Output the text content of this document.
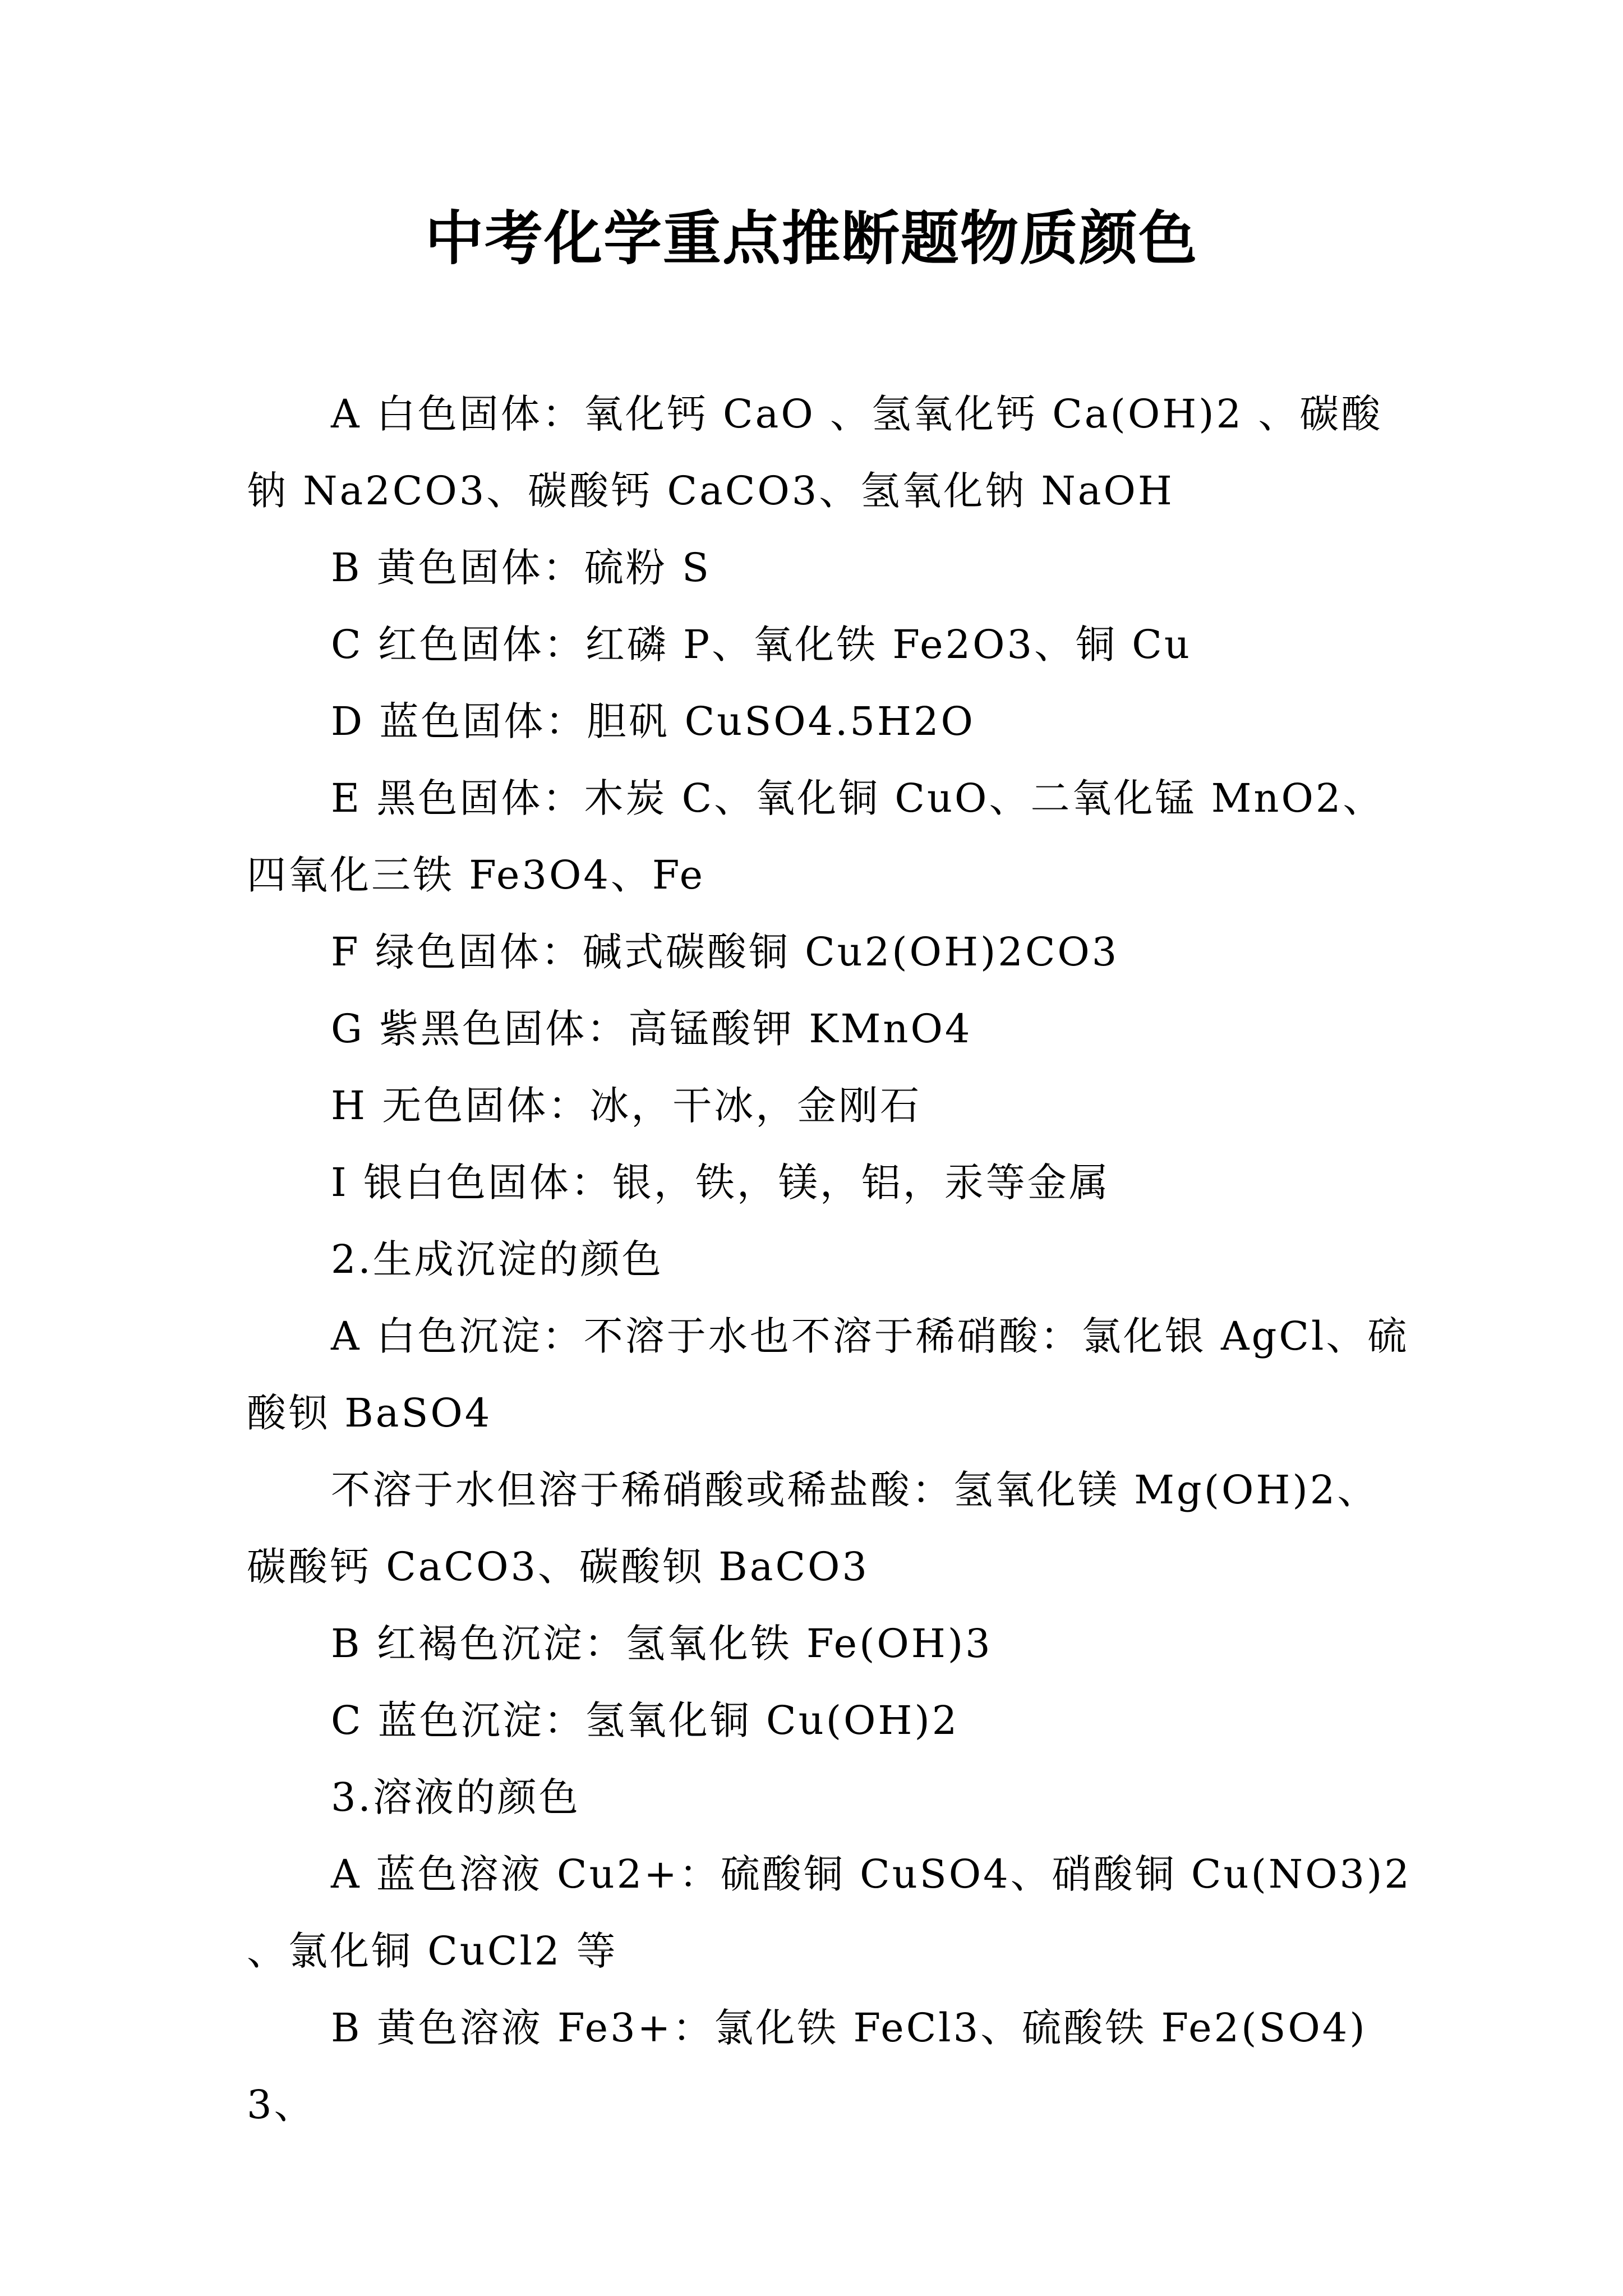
中考化学重点推断题物质颜色

A 白色固体：氧化钙 CaO 、氢氧化钙 Ca(OH)2 、碳酸钠 Na2CO3、碳酸钙 CaCO3、氢氧化钠 NaOH

B 黄色固体：硫粉 S

C 红色固体：红磷 P、氧化铁 Fe2O3、铜 Cu

D 蓝色固体：胆矾 CuSO4.5H2O

E 黑色固体：木炭 C、氧化铜 CuO、二氧化锰 MnO2、四氧化三铁 Fe3O4、Fe

F 绿色固体：碱式碳酸铜 Cu2(OH)2CO3

G 紫黑色固体：高锰酸钾 KMnO4

H 无色固体：冰，干冰，金刚石

I 银白色固体：银，铁，镁，铝，汞等金属

2.生成沉淀的颜色

A 白色沉淀：不溶于水也不溶于稀硝酸：氯化银 AgCl、硫酸钡 BaSO4

不溶于水但溶于稀硝酸或稀盐酸：氢氧化镁 Mg(OH)2、碳酸钙 CaCO3、碳酸钡 BaCO3

B 红褐色沉淀：氢氧化铁 Fe(OH)3

C 蓝色沉淀：氢氧化铜 Cu(OH)2

3.溶液的颜色

A 蓝色溶液 Cu2+：硫酸铜 CuSO4、硝酸铜 Cu(NO3)2 、氯化铜 CuCl2 等

B 黄色溶液 Fe3+：氯化铁 FeCl3、硫酸铁 Fe2(SO4)3、
